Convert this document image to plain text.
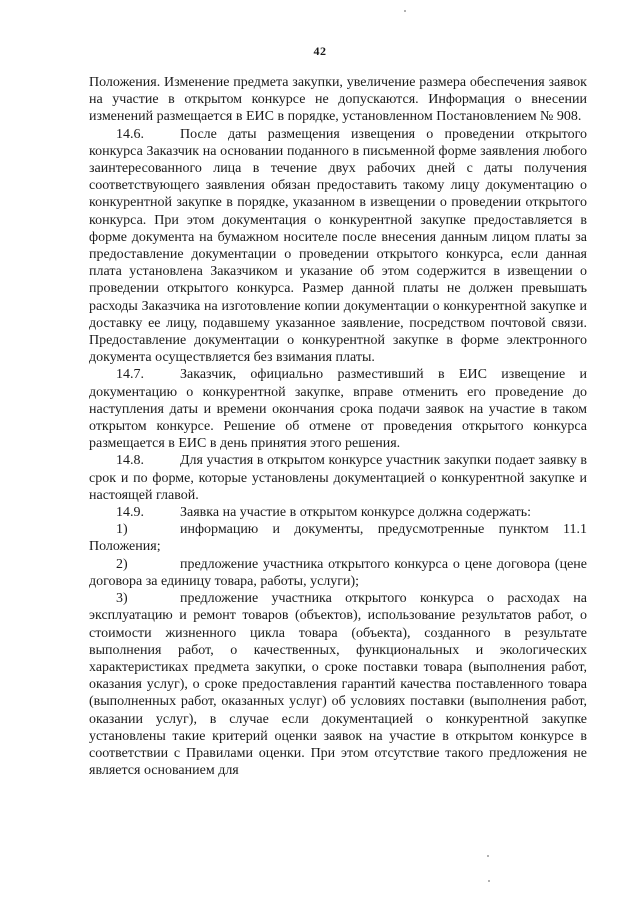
42

Положения. Изменение предмета закупки, увеличение размера обеспечения заявок на участие в открытом конкурсе не допускаются. Информация о внесении изменений размещается в ЕИС в порядке, установленном Постановлением № 908.

14.6.	После даты размещения извещения о проведении открытого конкурса Заказчик на основании поданного в письменной форме заявления любого заинтересованного лица в течение двух рабочих дней с даты получения соответствующего заявления обязан предоставить такому лицу документацию о конкурентной закупке в порядке, указанном в извещении о проведении открытого конкурса. При этом документация о конкурентной закупке предоставляется в форме документа на бумажном носителе после внесения данным лицом платы за предоставление документации о проведении открытого конкурса, если данная плата установлена Заказчиком и указание об этом содержится в извещении о проведении открытого конкурса. Размер данной платы не должен превышать расходы Заказчика на изготовление копии документации о конкурентной закупке и доставку ее лицу, подавшему указанное заявление, посредством почтовой связи. Предоставление документации о конкурентной закупке в форме электронного документа осуществляется без взимания платы.

14.7.	Заказчик, официально разместивший в ЕИС извещение и документацию о конкурентной закупке, вправе отменить его проведение до наступления даты и времени окончания срока подачи заявок на участие в таком открытом конкурсе. Решение об отмене от проведения открытого конкурса размещается в ЕИС в день принятия этого решения.

14.8.	Для участия в открытом конкурсе участник закупки подает заявку в срок и по форме, которые установлены документацией о конкурентной закупке и настоящей главой.

14.9.	Заявка на участие в открытом конкурсе должна содержать:

1)	информацию и документы, предусмотренные пунктом 11.1 Положения;

2)	предложение участника открытого конкурса о цене договора (цене договора за единицу товара, работы, услуги);

3)	предложение участника открытого конкурса о расходах на эксплуатацию и ремонт товаров (объектов), использование результатов работ, о стоимости жизненного цикла товара (объекта), созданного в результате выполнения работ, о качественных, функциональных и экологических характеристиках предмета закупки, о сроке поставки товара (выполнения работ, оказания услуг), о сроке предоставления гарантий качества поставленного товара (выполненных работ, оказанных услуг) об условиях поставки (выполнения работ, оказании услуг), в случае если документацией о конкурентной закупке установлены такие критерий оценки заявок на участие в открытом конкурсе в соответствии с Правилами оценки. При этом отсутствие такого предложения не является основанием для
